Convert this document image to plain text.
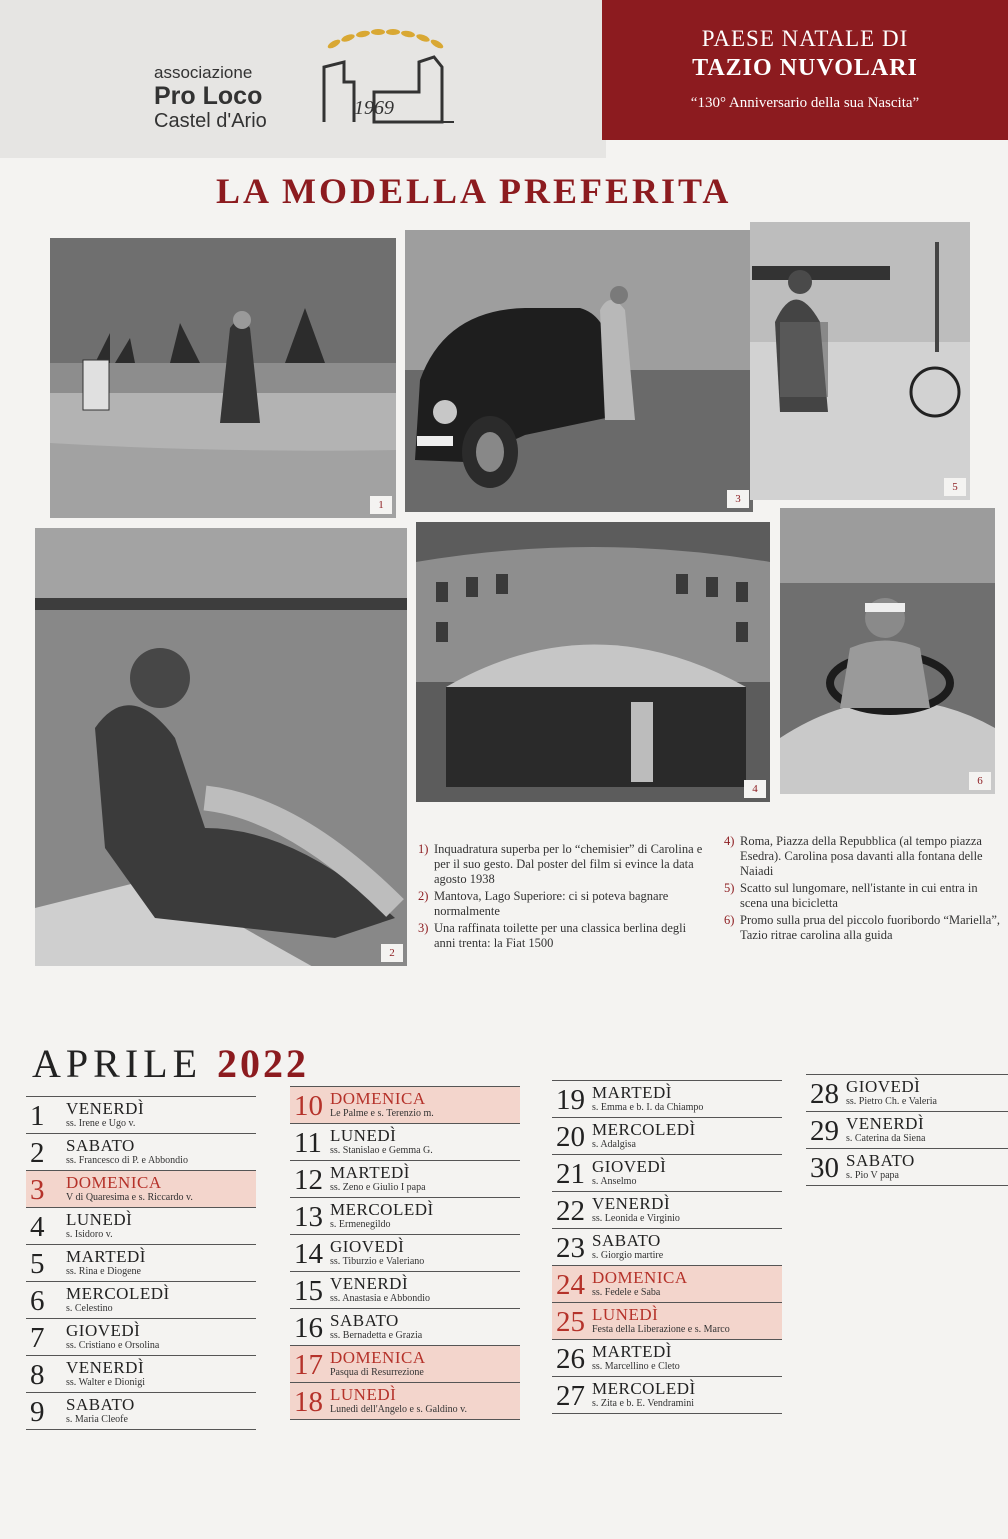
associazione
Pro Loco
Castel d'Ario
1969
PAESE NATALE DI
TAZIO NUVOLARI
“130° Anniversario della sua Nascita”
LA MODELLA PREFERITA
1	3
5
2
4
6
1) Inquadratura superba per lo “chemisier” di Carolina e per il suo gesto. Dal poster del film si evince la data agosto 1938
2) Mantova, Lago Superiore: ci si poteva bagnare normalmente
3) Una raffinata toilette per una classica berlina degli anni trenta: la Fiat 1500
4) Roma, Piazza della Repubblica (al tempo piazza Esedra). Carolina posa davanti alla fontana delle Naiadi
5) Scatto sul lungomare, nell'istante in cui entra in scena una bicicletta
6) Promo sulla prua del piccolo fuoribordo “Mariella”, Tazio ritrae carolina alla guida
APRILE 2022
1 VENERDÌ
ss. Irene e Ugo v.
2 SABATO
ss. Francesco di P. e Abbondio
3 DOMENICA
V di Quaresima e s. Riccardo v.
4 LUNEDÌ
s. Isidoro v.
5 MARTEDÌ
ss. Rina e Diogene
6 MERCOLEDÌ
s. Celestino
7 GIOVEDÌ
ss. Cristiano e Orsolina
8 VENERDÌ
ss. Walter e Dionigi
9 SABATO
s. Maria Cleofe
10 DOMENICA
Le Palme e s. Terenzio m.
11 LUNEDÌ
ss. Stanislao e Gemma G.
12 MARTEDÌ
ss. Zeno e Giulio I papa
13 MERCOLEDÌ
s. Ermenegildo
14 GIOVEDÌ
ss. Tiburzio e Valeriano
15 VENERDÌ
ss. Anastasia e Abbondio
16 SABATO
ss. Bernadetta e Grazia
17 DOMENICA
Pasqua di Resurrezione
18 LUNEDÌ
Lunedì dell'Angelo e s. Galdino v.
19 MARTEDÌ
s. Emma e b. I. da Chiampo
20 MERCOLEDÌ
s. Adalgisa
21 GIOVEDÌ
s. Anselmo
22 VENERDÌ
ss. Leonida e Virginio
23 SABATO
s. Giorgio martire
24 DOMENICA
ss. Fedele e Saba
25 LUNEDÌ
Festa della Liberazione e s. Marco
26 MARTEDÌ
ss. Marcellino e Cleto
27 MERCOLEDÌ
s. Zita e b. E. Vendramini
28 GIOVEDÌ
ss. Pietro Ch. e Valeria
29 VENERDÌ
s. Caterina da Siena
30 SABATO
s. Pio V papa
